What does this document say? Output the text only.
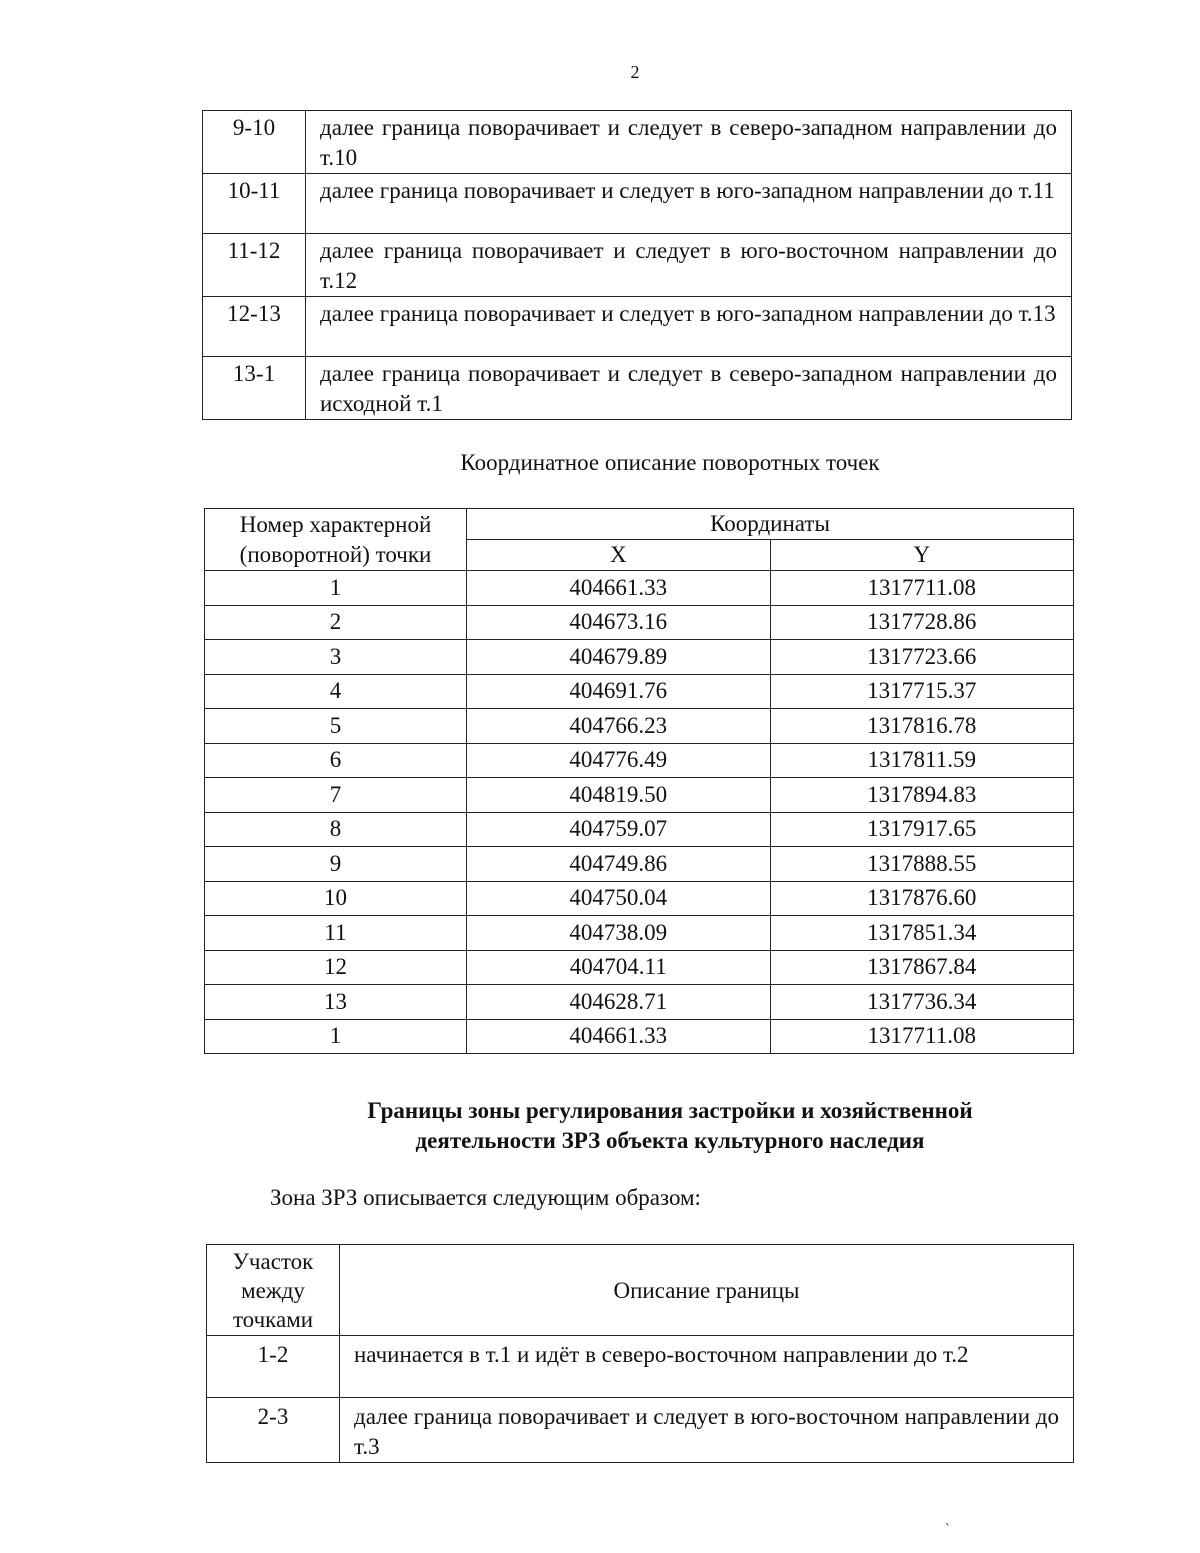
2
9-10	далее граница поворачивает и следует в северо-западном направлении до т.10
10-11	далее граница поворачивает и следует в юго-западном направлении до т.11
11-12	далее граница поворачивает и следует в юго-восточном направлении до т.12
12-13	далее граница поворачивает и следует в юго-западном направлении до т.13
13-1	далее граница поворачивает и следует в северо-западном направлении до исходной т.1
Координатное описание поворотных точек
Номер характерной (поворотной) точки	Координаты	
	X	Y
1	404661.33	1317711.08
2	404673.16	1317728.86
3	404679.89	1317723.66
4	404691.76	1317715.37
5	404766.23	1317816.78
6	404776.49	1317811.59
7	404819.50	1317894.83
8	404759.07	1317917.65
9	404749.86	1317888.55
10	404750.04	1317876.60
11	404738.09	1317851.34
12	404704.11	1317867.84
13	404628.71	1317736.34
1	404661.33	1317711.08
Границы зоны регулирования застройки и хозяйственной
деятельности ЗРЗ объекта культурного наследия
Зона ЗРЗ описывается следующим образом:
Участок между точками	Описание границы
1-2	начинается в т.1 и идёт в северо-восточном направлении до т.2
2-3	далее граница поворачивает и следует в юго-восточном направлении до т.3
ˋ
